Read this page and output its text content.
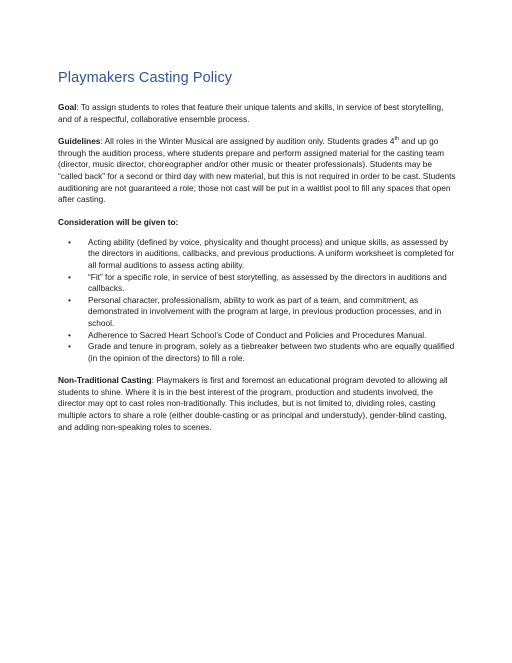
Playmakers Casting Policy

Goal: To assign students to roles that feature their unique talents and skills, in service of best storytelling, and of a respectful, collaborative ensemble process.

Guidelines: All roles in the Winter Musical are assigned by audition only. Students grades 4th and up go through the audition process, where students prepare and perform assigned material for the casting team (director, music director, choreographer and/or other music or theater professionals). Students may be “called back” for a second or third day with new material, but this is not required in order to be cast. Students auditioning are not guaranteed a role; those not cast will be put in a waitlist pool to fill any spaces that open after casting.

Consideration will be given to:
• Acting ability (defined by voice, physicality and thought process) and unique skills, as assessed by the directors in auditions, callbacks, and previous productions. A uniform worksheet is completed for all formal auditions to assess acting ability.
• “Fit” for a specific role, in service of best storytelling, as assessed by the directors in auditions and callbacks.
• Personal character, professionalism, ability to work as part of a team, and commitment, as demonstrated in involvement with the program at large, in previous production processes, and in school.
• Adherence to Sacred Heart School’s Code of Conduct and Policies and Procedures Manual.
• Grade and tenure in program, solely as a tiebreaker between two students who are equally qualified (in the opinion of the directors) to fill a role.

Non-Traditional Casting: Playmakers is first and foremost an educational program devoted to allowing all students to shine. Where it is in the best interest of the program, production and students involved, the director may opt to cast roles non-traditionally. This includes, but is not limited to, dividing roles, casting multiple actors to share a role (either double-casting or as principal and understudy), gender-blind casting, and adding non-speaking roles to scenes.
